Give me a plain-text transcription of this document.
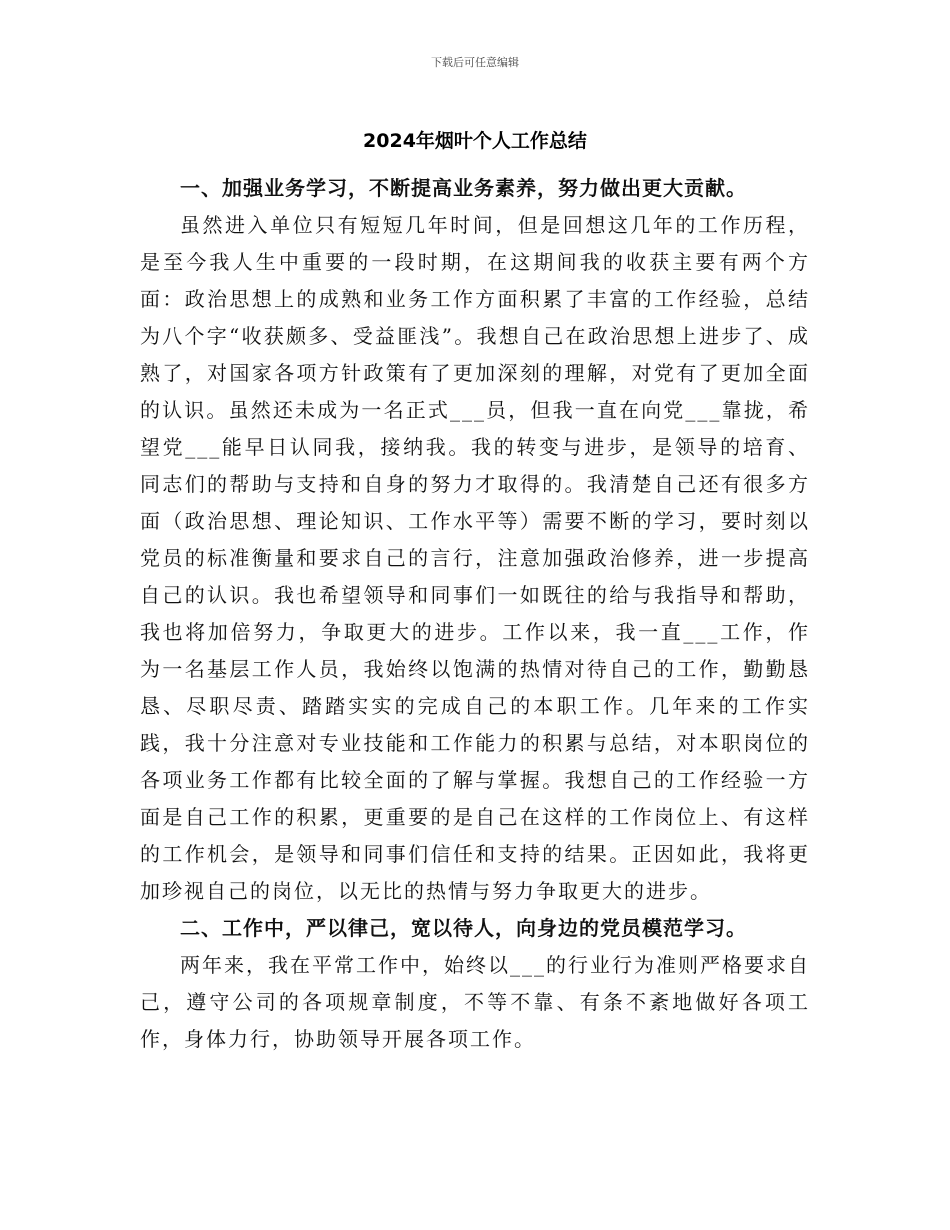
下载后可任意编辑
2024年烟叶个人工作总结

一、加强业务学习，不断提高业务素养，努力做出更大贡献。

虽然进入单位只有短短几年时间，但是回想这几年的工作历程，是至今我人生中重要的一段时期，在这期间我的收获主要有两个方面：政治思想上的成熟和业务工作方面积累了丰富的工作经验，总结为八个字“收获颇多、受益匪浅”。我想自己在政治思想上进步了、成熟了，对国家各项方针政策有了更加深刻的理解，对党有了更加全面的认识。虽然还未成为一名正式___员，但我一直在向党___靠拢，希望党___能早日认同我，接纳我。我的转变与进步，是领导的培育、同志们的帮助与支持和自身的努力才取得的。我清楚自己还有很多方面（政治思想、理论知识、工作水平等）需要不断的学习，要时刻以党员的标准衡量和要求自己的言行，注意加强政治修养，进一步提高自己的认识。我也希望领导和同事们一如既往的给与我指导和帮助，我也将加倍努力，争取更大的进步。工作以来，我一直___工作，作为一名基层工作人员，我始终以饱满的热情对待自己的工作，勤勤恳恳、尽职尽责、踏踏实实的完成自己的本职工作。几年来的工作实践，我十分注意对专业技能和工作能力的积累与总结，对本职岗位的各项业务工作都有比较全面的了解与掌握。我想自己的工作经验一方面是自己工作的积累，更重要的是自己在这样的工作岗位上、有这样的工作机会，是领导和同事们信任和支持的结果。正因如此，我将更加珍视自己的岗位，以无比的热情与努力争取更大的进步。

二、工作中，严以律己，宽以待人，向身边的党员模范学习。

两年来，我在平常工作中，始终以___的行业行为准则严格要求自己，遵守公司的各项规章制度，不等不靠、有条不紊地做好各项工作，身体力行，协助领导开展各项工作。
